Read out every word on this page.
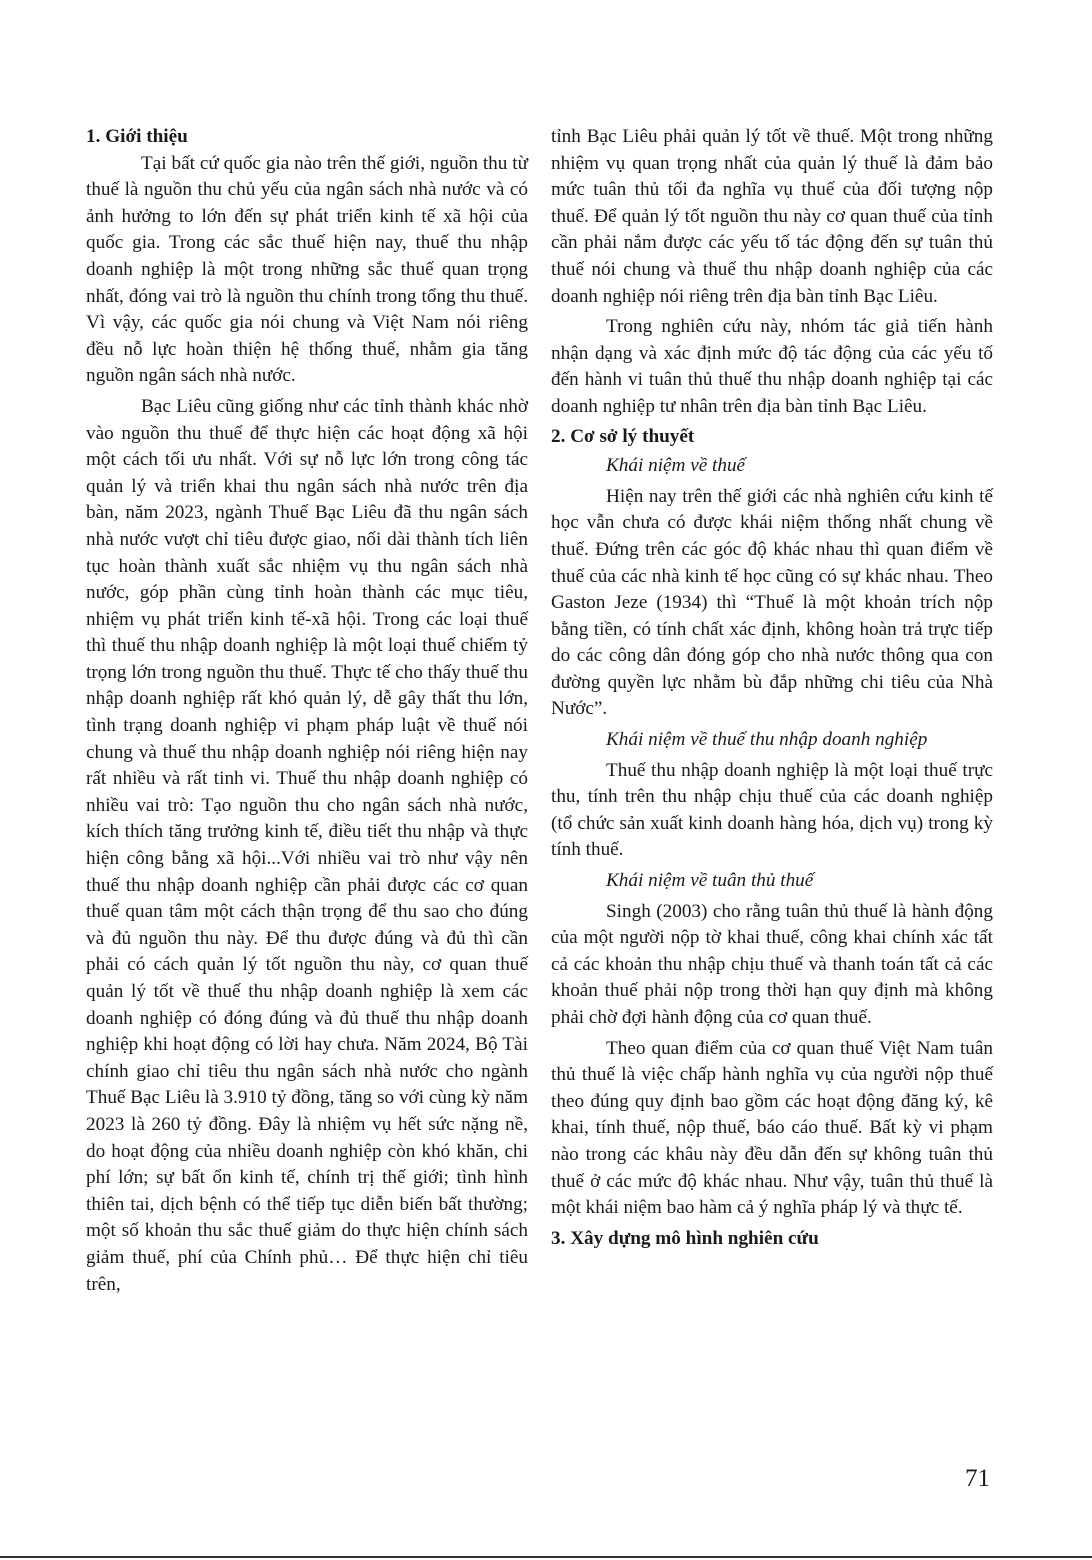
1. Giới thiệu

Tại bất cứ quốc gia nào trên thế giới, nguồn thu từ thuế là nguồn thu chủ yếu của ngân sách nhà nước và có ảnh hưởng to lớn đến sự phát triển kinh tế xã hội của quốc gia. Trong các sắc thuế hiện nay, thuế thu nhập doanh nghiệp là một trong những sắc thuế quan trọng nhất, đóng vai trò là nguồn thu chính trong tổng thu thuế. Vì vậy, các quốc gia nói chung và Việt Nam nói riêng đều nỗ lực hoàn thiện hệ thống thuế, nhằm gia tăng nguồn ngân sách nhà nước.

Bạc Liêu cũng giống như các tỉnh thành khác nhờ vào nguồn thu thuế để thực hiện các hoạt động xã hội một cách tối ưu nhất. Với sự nỗ lực lớn trong công tác quản lý và triển khai thu ngân sách nhà nước trên địa bàn, năm 2023, ngành Thuế Bạc Liêu đã thu ngân sách nhà nước vượt chỉ tiêu được giao, nối dài thành tích liên tục hoàn thành xuất sắc nhiệm vụ thu ngân sách nhà nước, góp phần cùng tỉnh hoàn thành các mục tiêu, nhiệm vụ phát triển kinh tế-xã hội. Trong các loại thuế thì thuế thu nhập doanh nghiệp là một loại thuế chiếm tỷ trọng lớn trong nguồn thu thuế. Thực tế cho thấy thuế thu nhập doanh nghiệp rất khó quản lý, dễ gây thất thu lớn, tình trạng doanh nghiệp vi phạm pháp luật về thuế nói chung và thuế thu nhập doanh nghiệp nói riêng hiện nay rất nhiều và rất tinh vi. Thuế thu nhập doanh nghiệp có nhiều vai trò: Tạo nguồn thu cho ngân sách nhà nước, kích thích tăng trưởng kinh tế, điều tiết thu nhập và thực hiện công bằng xã hội...Với nhiều vai trò như vậy nên thuế thu nhập doanh nghiệp cần phải được các cơ quan thuế quan tâm một cách thận trọng để thu sao cho đúng và đủ nguồn thu này. Để thu được đúng và đủ thì cần phải có cách quản lý tốt nguồn thu này, cơ quan thuế quản lý tốt về thuế thu nhập doanh nghiệp là xem các doanh nghiệp có đóng đúng và đủ thuế thu nhập doanh nghiệp khi hoạt động có lời hay chưa. Năm 2024, Bộ Tài chính giao chỉ tiêu thu ngân sách nhà nước cho ngành Thuế Bạc Liêu là 3.910 tỷ đồng, tăng so với cùng kỳ năm 2023 là 260 tỷ đồng. Đây là nhiệm vụ hết sức nặng nề, do hoạt động của nhiều doanh nghiệp còn khó khăn, chi phí lớn; sự bất ổn kinh tế, chính trị thế giới; tình hình thiên tai, dịch bệnh có thể tiếp tục diễn biến bất thường; một số khoản thu sắc thuế giảm do thực hiện chính sách giảm thuế, phí của Chính phủ… Để thực hiện chỉ tiêu trên,

tỉnh Bạc Liêu phải quản lý tốt về thuế. Một trong những nhiệm vụ quan trọng nhất của quản lý thuế là đảm bảo mức tuân thủ tối đa nghĩa vụ thuế của đối tượng nộp thuế. Để quản lý tốt nguồn thu này cơ quan thuế của tỉnh cần phải nắm được các yếu tố tác động đến sự tuân thủ thuế nói chung và thuế thu nhập doanh nghiệp của các doanh nghiệp nói riêng trên địa bàn tỉnh Bạc Liêu.

Trong nghiên cứu này, nhóm tác giả tiến hành nhận dạng và xác định mức độ tác động của các yếu tố đến hành vi tuân thủ thuế thu nhập doanh nghiệp tại các doanh nghiệp tư nhân trên địa bàn tỉnh Bạc Liêu.

2. Cơ sở lý thuyết

Khái niệm về thuế

Hiện nay trên thế giới các nhà nghiên cứu kinh tế học vẫn chưa có được khái niệm thống nhất chung về thuế. Đứng trên các góc độ khác nhau thì quan điểm về thuế của các nhà kinh tế học cũng có sự khác nhau. Theo Gaston Jeze (1934) thì “Thuế là một khoản trích nộp bằng tiền, có tính chất xác định, không hoàn trả trực tiếp do các công dân đóng góp cho nhà nước thông qua con đường quyền lực nhằm bù đắp những chi tiêu của Nhà Nước”.

Khái niệm về thuế thu nhập doanh nghiệp

Thuế thu nhập doanh nghiệp là một loại thuế trực thu, tính trên thu nhập chịu thuế của các doanh nghiệp (tổ chức sản xuất kinh doanh hàng hóa, dịch vụ) trong kỳ tính thuế.

Khái niệm về tuân thủ thuế

Singh (2003) cho rằng tuân thủ thuế là hành động của một người nộp tờ khai thuế, công khai chính xác tất cả các khoản thu nhập chịu thuế và thanh toán tất cả các khoản thuế phải nộp trong thời hạn quy định mà không phải chờ đợi hành động của cơ quan thuế.

Theo quan điểm của cơ quan thuế Việt Nam tuân thủ thuế là việc chấp hành nghĩa vụ của người nộp thuế theo đúng quy định bao gồm các hoạt động đăng ký, kê khai, tính thuế, nộp thuế, báo cáo thuế. Bất kỳ vi phạm nào trong các khâu này đều dẫn đến sự không tuân thủ thuế ở các mức độ khác nhau. Như vậy, tuân thủ thuế là một khái niệm bao hàm cả ý nghĩa pháp lý và thực tế.

3. Xây dựng mô hình nghiên cứu
71
